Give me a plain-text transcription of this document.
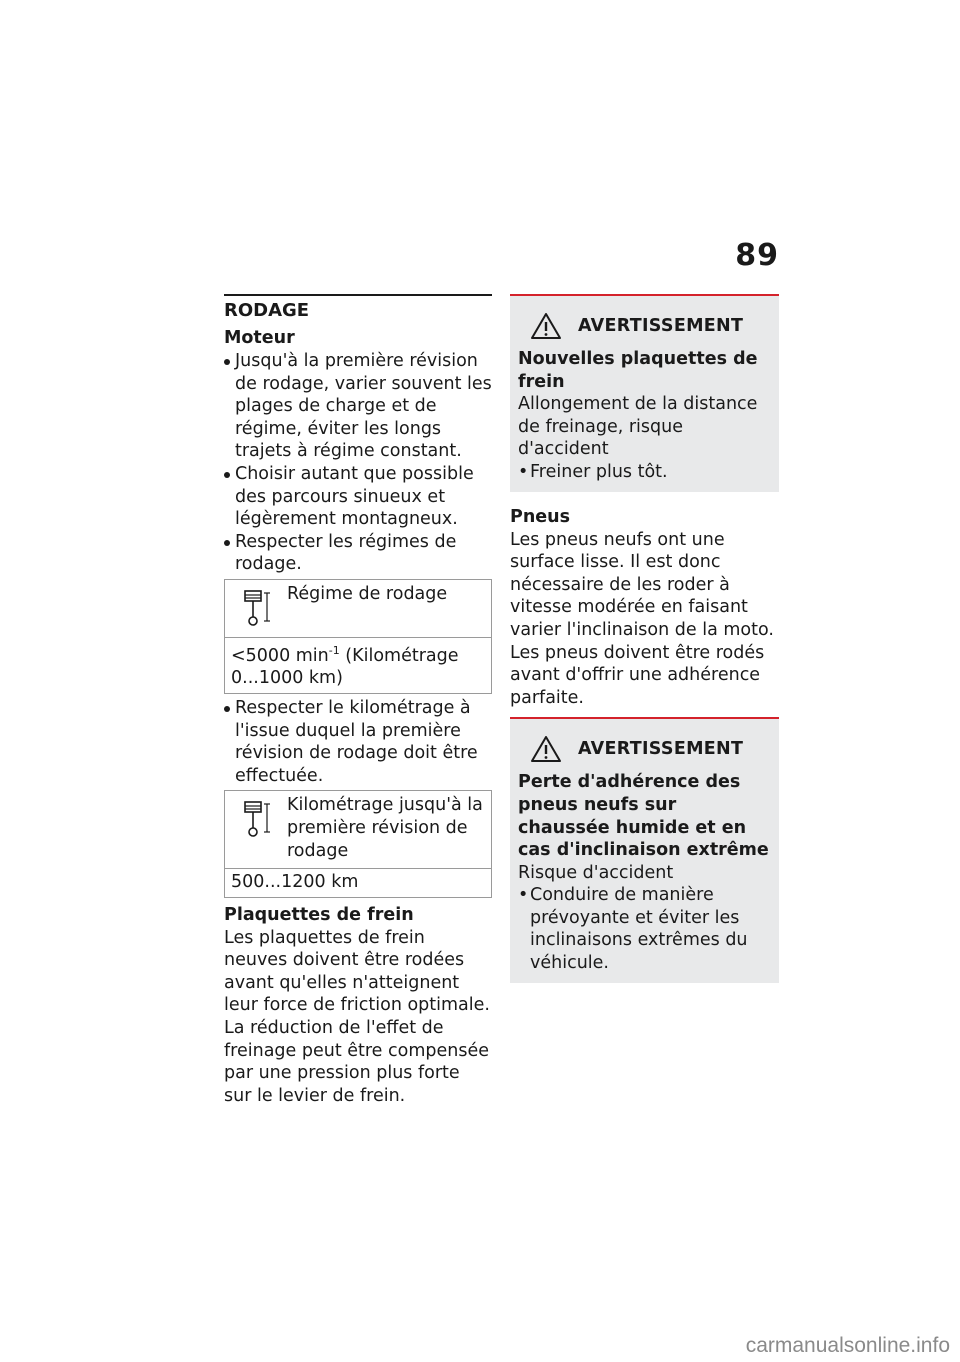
89
RODAGE
Moteur
Jusqu'à la première révision de rodage, varier souvent les plages de charge et de régime, éviter les longs trajets à régime constant.
Choisir autant que possible des parcours sinueux et légèrement montagneux.
Respecter les régimes de rodage.
Régime de rodage
<5000 $\min^{-1}$ (Kilométrage 0...1000 km)
Respecter le kilométrage à l'issue duquel la première révision de rodage doit être effectuée.
Kilométrage jusqu'à la première révision de rodage
500...1200 km
Plaquettes de frein
Les plaquettes de frein neuves doivent être rodées avant qu'elles n'atteignent leur force de friction optimale. La réduction de l'effet de freinage peut être compensée par une pression plus forte sur le levier de frein.
AVERTISSEMENT
Nouvelles plaquettes de frein
Allongement de la distance de freinage, risque d'accident
• Freiner plus tôt.
Pneus
Les pneus neufs ont une surface lisse. Il est donc nécessaire de les roder à vitesse modérée en faisant varier l'inclinaison de la moto. Les pneus doivent être rodés avant d'offrir une adhérence parfaite.
AVERTISSEMENT
Perte d'adhérence des pneus neufs sur chaussée humide et en cas d'inclinaison extrême
Risque d'accident
• Conduire de manière prévoyante et éviter les inclinaisons extrêmes du véhicule.
carmanualsonline.info
